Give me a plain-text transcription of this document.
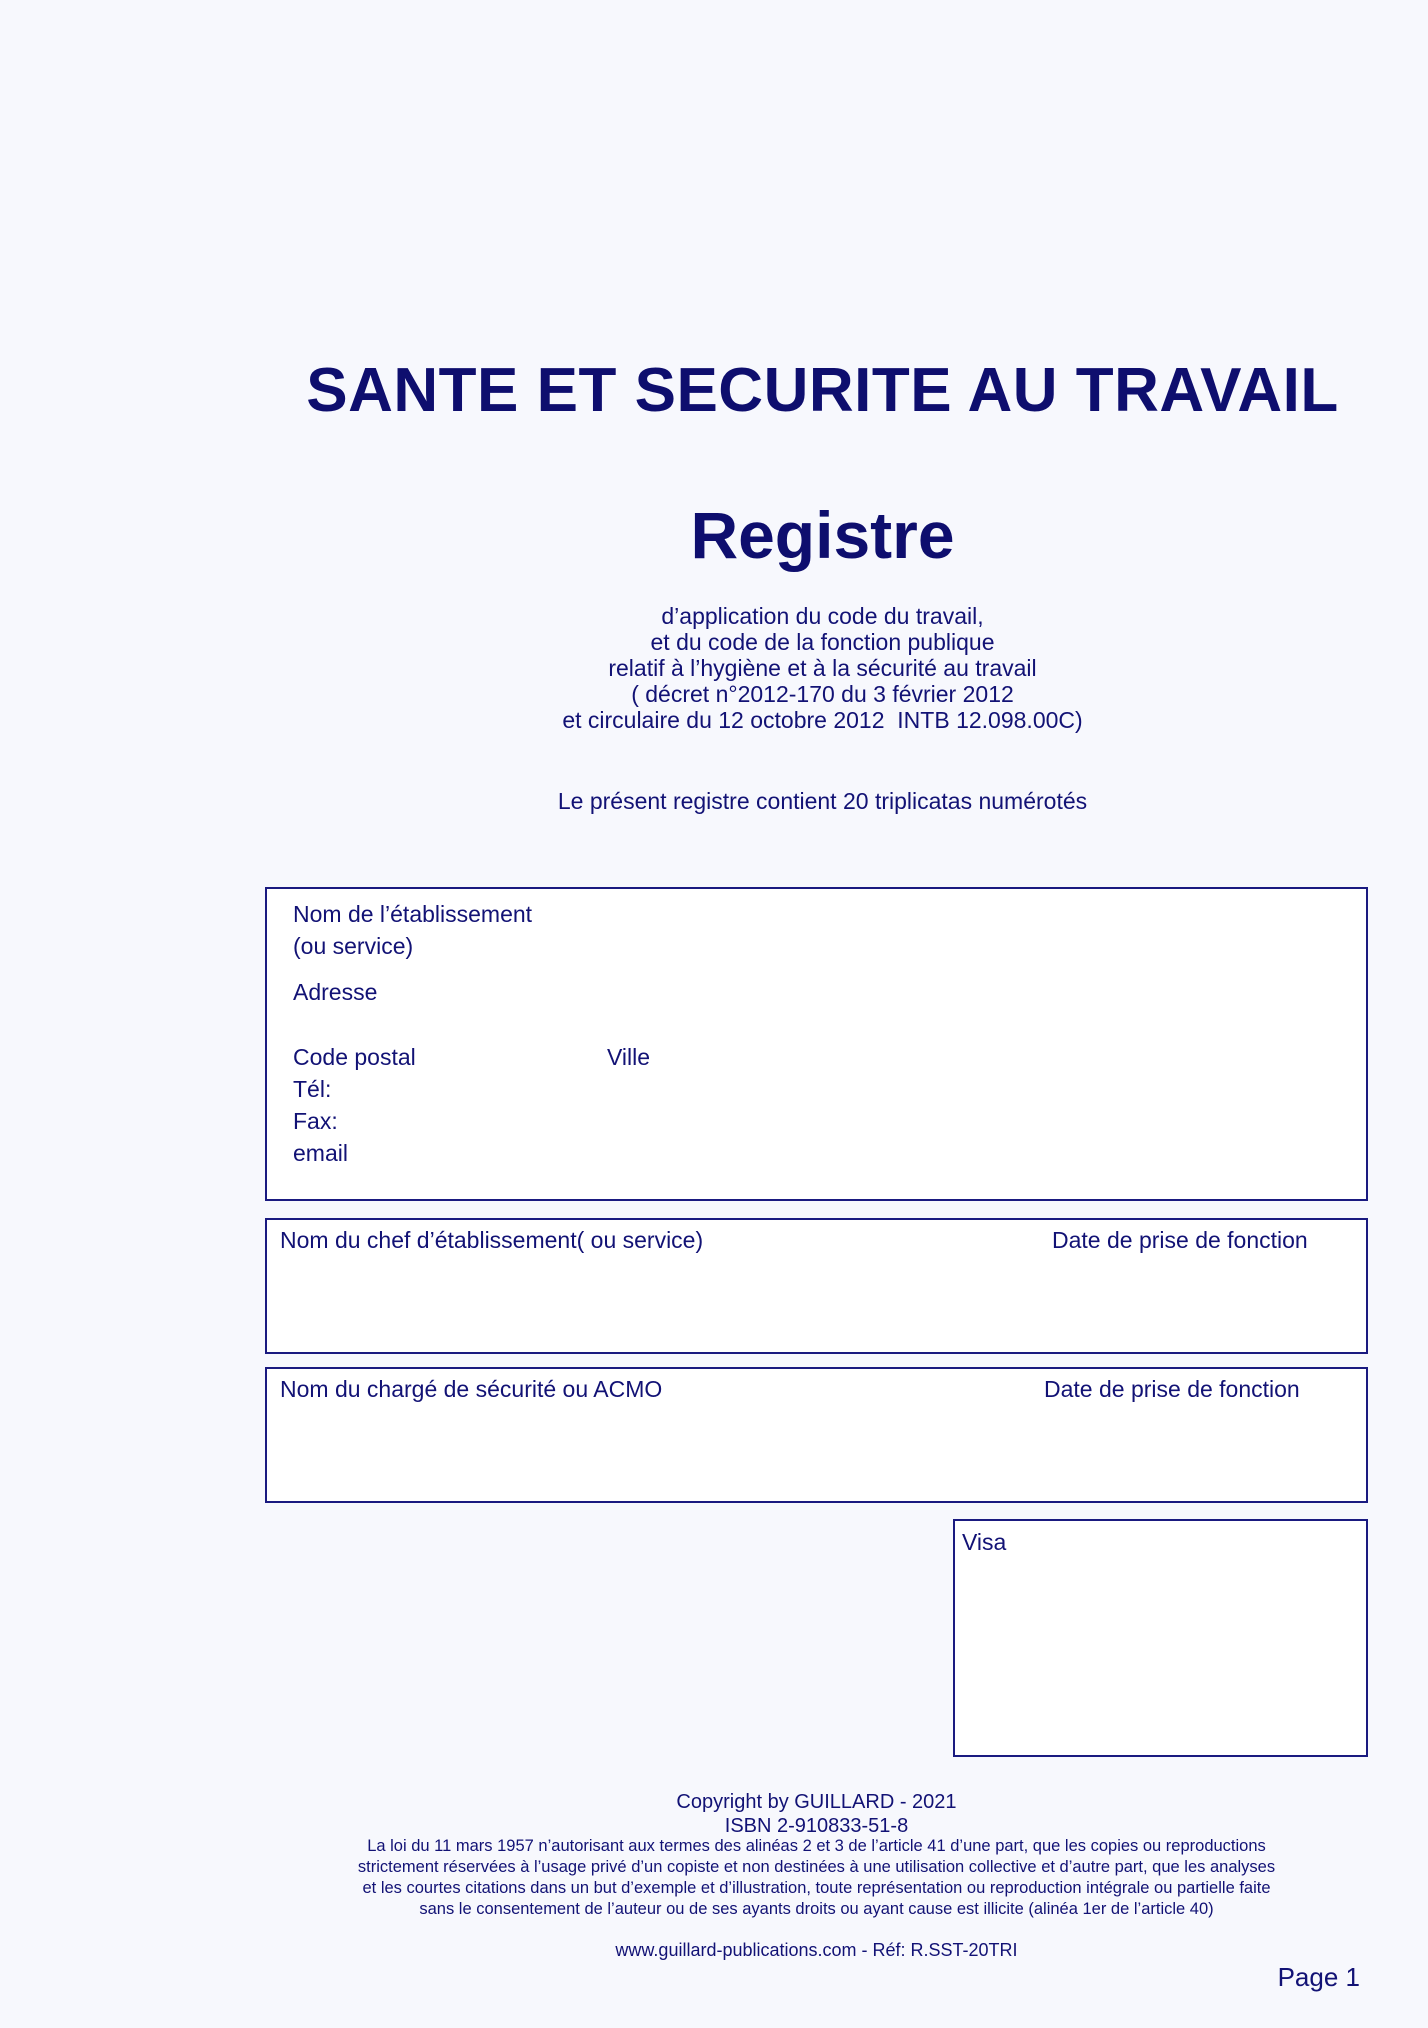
SANTE ET SECURITE AU TRAVAIL
Registre
d’application du code du travail,
et du code de la fonction publique
relatif à l’hygiène et à la sécurité au travail
( décret n°2012-170 du 3 février 2012
et circulaire du 12 octobre 2012  INTB 12.098.00C)
Le présent registre contient 20 triplicatas numérotés
Nom de l’établissement
(ou service)
Adresse
Code postal	Ville
Tél:
Fax:
email
Nom du chef d’établissement( ou service)	Date de prise de fonction
Nom du chargé de sécurité ou ACMO	Date de prise de fonction
Visa
Copyright by GUILLARD - 2021
ISBN 2-910833-51-8
La loi du 11 mars 1957 n’autorisant aux termes des alinéas 2 et 3 de l’article 41 d’une part, que les copies ou reproductions
strictement réservées à l’usage privé d’un copiste et non destinées à une utilisation collective et d’autre part, que les analyses
et les courtes citations dans un but d’exemple et d’illustration, toute représentation ou reproduction intégrale ou partielle faite
sans le consentement de l’auteur ou de ses ayants droits ou ayant cause est illicite (alinéa 1er de l’article 40)
www.guillard-publications.com - Réf: R.SST-20TRI
Page 1
